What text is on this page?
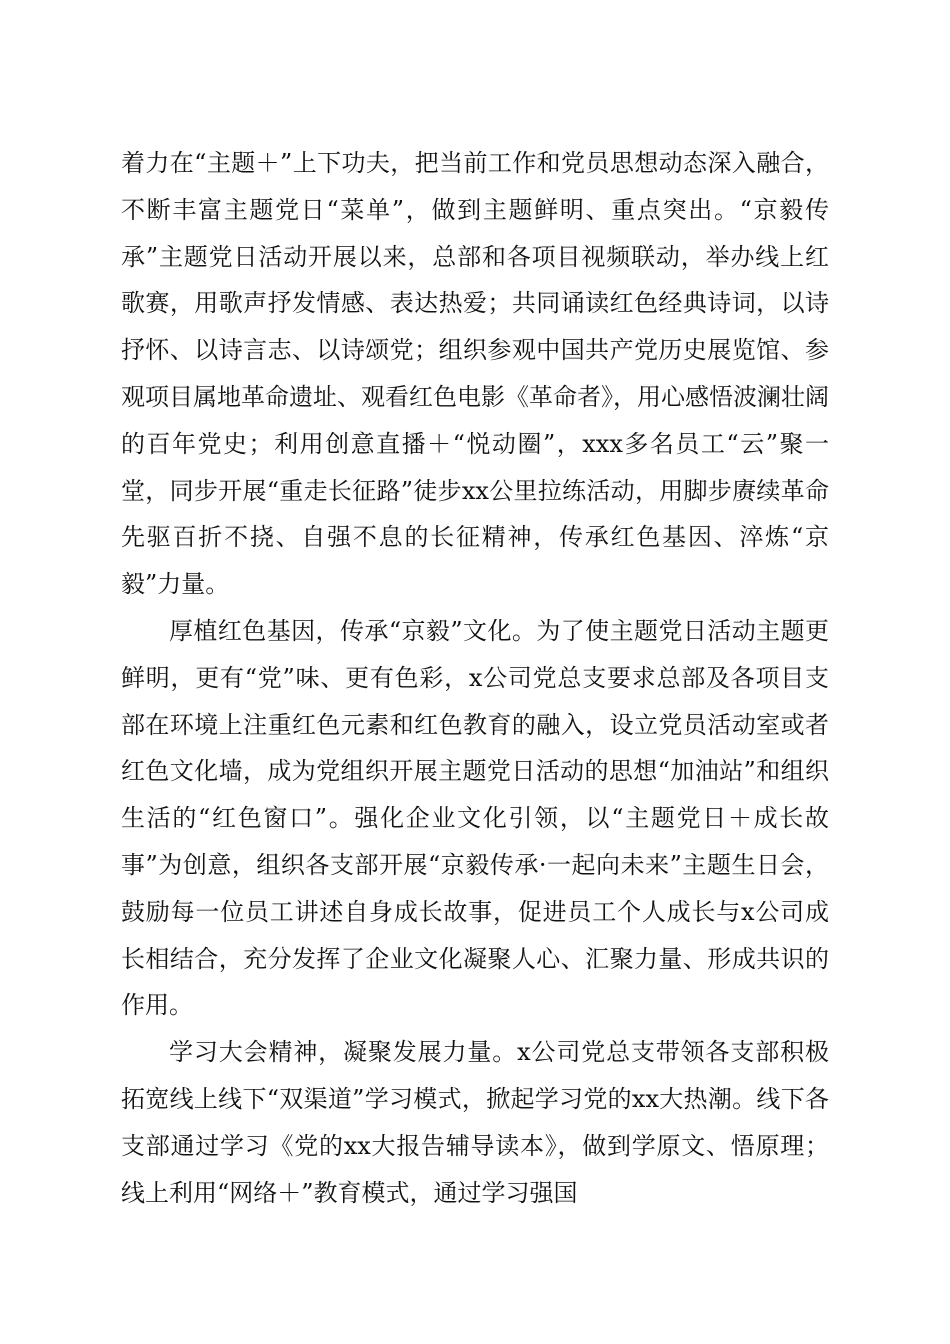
着力在“主题＋”上下功夫，把当前工作和党员思想动态深入融合，不断丰富主题党日“菜单”，做到主题鲜明、重点突出。“京毅传承”主题党日活动开展以来，总部和各项目视频联动，举办线上红歌赛，用歌声抒发情感、表达热爱；共同诵读红色经典诗词，以诗抒怀、以诗言志、以诗颂党；组织参观中国共产党历史展览馆、参观项目属地革命遗址、观看红色电影《革命者》，用心感悟波澜壮阔的百年党史；利用创意直播＋“悦动圈”，xxx多名员工“云”聚一堂，同步开展“重走长征路”徒步xx公里拉练活动，用脚步赓续革命先驱百折不挠、自强不息的长征精神，传承红色基因、淬炼“京毅”力量。

厚植红色基因，传承“京毅”文化。为了使主题党日活动主题更鲜明，更有“党”味、更有色彩，x公司党总支要求总部及各项目支部在环境上注重红色元素和红色教育的融入，设立党员活动室或者红色文化墙，成为党组织开展主题党日活动的思想“加油站”和组织生活的“红色窗口”。强化企业文化引领，以“主题党日＋成长故事”为创意，组织各支部开展“京毅传承·一起向未来”主题生日会，鼓励每一位员工讲述自身成长故事，促进员工个人成长与x公司成长相结合，充分发挥了企业文化凝聚人心、汇聚力量、形成共识的作用。

学习大会精神，凝聚发展力量。x公司党总支带领各支部积极拓宽线上线下“双渠道”学习模式，掀起学习党的xx大热潮。线下各支部通过学习《党的xx大报告辅导读本》，做到学原文、悟原理；线上利用“网络＋”教育模式，通过学习强国
